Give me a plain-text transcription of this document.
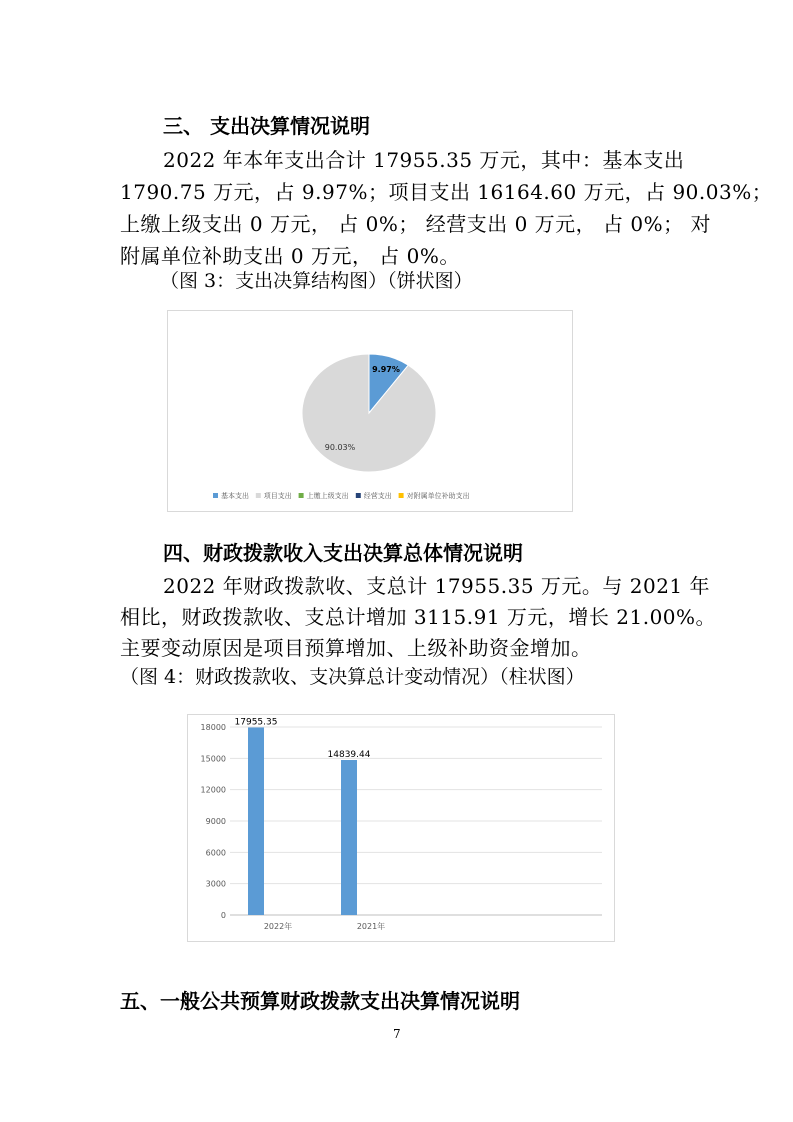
三、 支出决算情况说明
2022 年本年支出合计 17955.35 万元，其中：基本支出
1790.75 万元，占 9.97%；项目支出 16164.60 万元，占 90.03%；
上缴上级支出 0 万元， 占 0%； 经营支出 0 万元， 占 0%； 对
附属单位补助支出 0 万元， 占 0%。
（图 3：支出决算结构图）（饼状图）
9.97%
90.03%
基本支出 项目支出 上缴上级支出 经营支出 对附属单位补助支出
四、财政拨款收入支出决算总体情况说明
2022 年财政拨款收、支总计 17955.35 万元。与 2021 年
相比，财政拨款收、支总计增加 3115.91 万元，增长 21.00%。
主要变动原因是项目预算增加、上级补助资金增加。
（图 4：财政拨款收、支决算总计变动情况）（柱状图）
0
3000
6000
9000
12000
15000
18000
17955.35
2022年
14839.44
2021年
五、一般公共预算财政拨款支出决算情况说明
7
